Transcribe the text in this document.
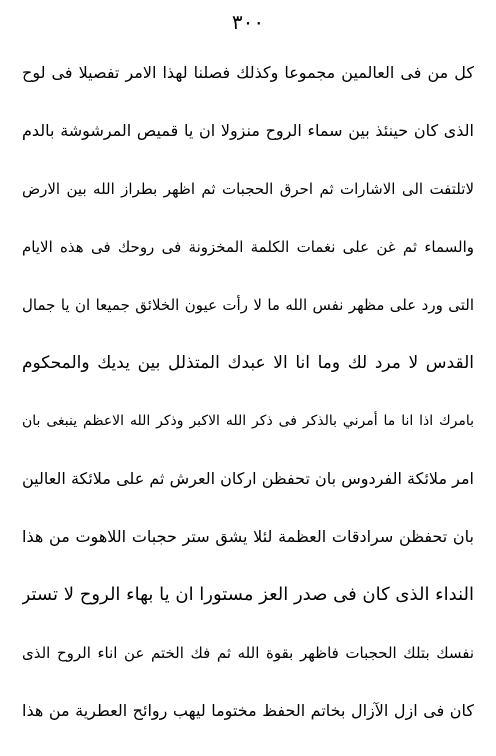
٣٠٠
كل من فى العالمين مجموعا وكذلك فصلنا لهذا الامر تفصيلا فى لوح
الذى كان حينئذ بين سماء الروح منزولا ان يا قميص المرشوشة بالدم
لاتلتفت الى الاشارات ثم احرق الحجبات ثم اظهر بطراز الله بين الارض
والسماء ثم غن على نغمات الكلمة المخزونة فى روحك فى هذه الايام
التى ورد على مظهر نفس الله ما لا رأت عيون الخلائق جميعا ان يا جمال
القدس لا مرد لك وما انا الا عبدك المتذلل بين يديك والمحكوم
بامرك اذا انا ما أمرني بالذكر فى ذكر الله الاكبر وذكر الله الاعظم ينبغى بان
امر ملائكة الفردوس بان تحفظن اركان العرش ثم على ملائكة العالين
بان تحفظن سرادقات العظمة لئلا يشق ستر حجبات اللاهوت من هذا
النداء الذى كان فى صدر العز مستورا ان يا بهاء الروح لا تستر
نفسك بتلك الحجبات فاظهر بقوة الله ثم فك الختم عن اناء الروح الذى
كان فى ازل الآزال بخاتم الحفظ مختوما ليهب روائح العطرية من هذا
